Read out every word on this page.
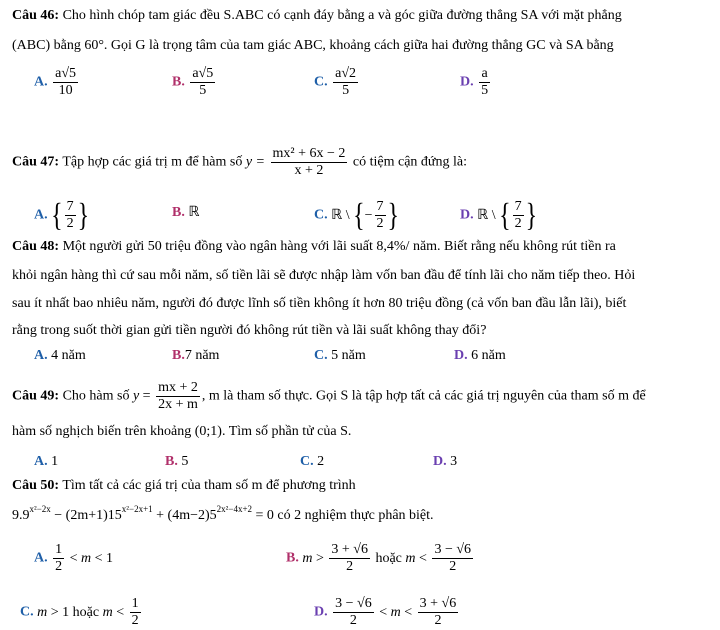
Câu 46: Cho hình chóp tam giác đều S.ABC có cạnh đáy bằng a và góc giữa đường thẳng SA với mặt phẳng
(ABC) bằng 60°. Gọi G là trọng tâm của tam giác ABC, khoảng cách giữa hai đường thẳng GC và SA bằng
A. $\frac{a√5}{10}$	B. $\frac{a√5}{5}$	C. $\frac{a√2}{5}$	D. $\frac{a}{5}$
Câu 47: Tập hợp các giá trị m để hàm số $y = \frac{\text{mx² + 6x − 2}}{x + 2}$ có tiệm cận đứng là:
A. { $\frac{7}{2}$ }	B. ℝ	C. ℝ \ {− $\frac{7}{2}$ }	D. ℝ \ { $\frac{7}{2}$ }
Câu 48: Một người gửi 50 triệu đồng vào ngân hàng với lãi suất 8,4%/ năm. Biết rằng nếu không rút tiền ra
khỏi ngân hàng thì cứ sau mỗi năm, số tiền lãi sẽ được nhập làm vốn ban đầu để tính lãi cho năm tiếp theo. Hỏi
sau ít nhất bao nhiêu năm, người đó được lĩnh số tiền không ít hơn 80 triệu đồng (cả vốn ban đầu lẫn lãi), biết
rằng trong suốt thời gian gửi tiền người đó không rút tiền và lãi suất không thay đổi?
A. 4 năm	B.7 năm	C. 5 năm	D. 6 năm
Câu 49: Cho hàm số $y = \frac{mx + 2}{2x + m}$ , m là tham số thực. Gọi S là tập hợp tất cả các giá trị nguyên của tham số m để
hàm số nghịch biến trên khoảng (0;1). Tìm số phần tử của S.
A. 1	B. 5	C. 2	D. 3
Câu 50: Tìm tất cả các giá trị của tham số m để phương trình
$9.9^{x^2-2x} - (2m+1)15^{x^2-2x+1} + (4m-2)5^{2x^2-4x+2} = 0$ có 2 nghiệm thực phân biệt.
A. $\frac{1}{2} < m < 1$	B. $m > \frac{3 + √6}{2}$ hoặc $m < \frac{3 - √6}{2}$
C. m > 1 hoặc $m < \frac{1}{2}$	D. $\frac{3 - √6}{2} < m < \frac{3 + √6}{2}$
